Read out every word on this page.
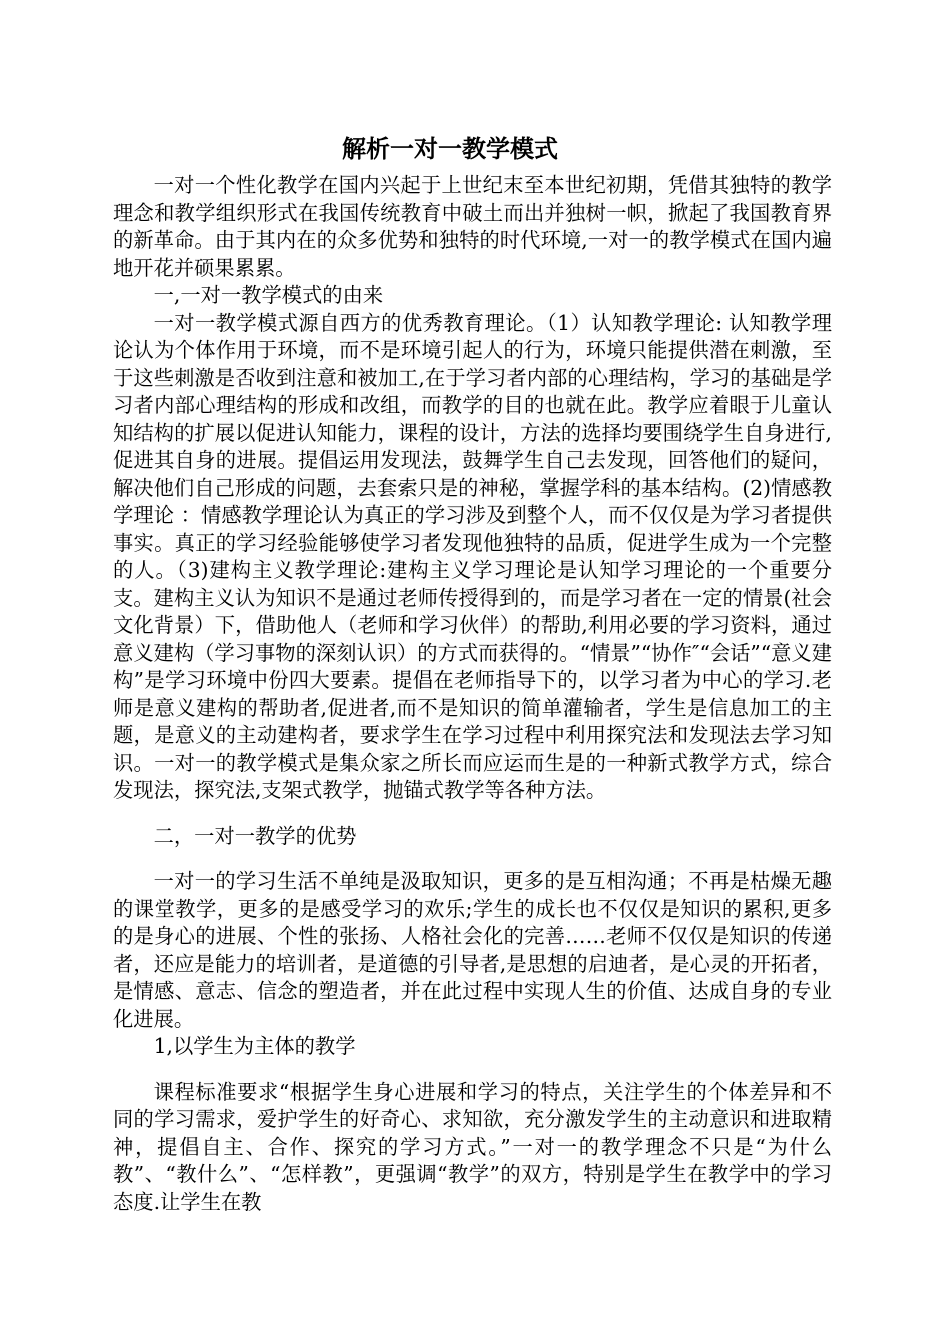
解析一对一教学模式

一对一个性化教学在国内兴起于上世纪末至本世纪初期，凭借其独特的教学理念和教学组织形式在我国传统教育中破土而出并独树一帜，掀起了我国教育界的新革命。由于其内在的众多优势和独特的时代环境,一对一的教学模式在国内遍地开花并硕果累累。

一,一对一教学模式的由来

一对一教学模式源自西方的优秀教育理论。（1）认知教学理论: 认知教学理论认为个体作用于环境，而不是环境引起人的行为，环境只能提供潜在刺激，至于这些刺激是否收到注意和被加工,在于学习者内部的心理结构，学习的基础是学习者内部心理结构的形成和改组，而教学的目的也就在此。教学应着眼于儿童认知结构的扩展以促进认知能力，课程的设计，方法的选择均要围绕学生自身进行,促进其自身的进展。提倡运用发现法，鼓舞学生自己去发现，回答他们的疑问，解决他们自己形成的问题，去套索只是的神秘，掌握学科的基本结构。(2)情感教学理论 ：情感教学理论认为真正的学习涉及到整个人，而不仅仅是为学习者提供事实。真正的学习经验能够使学习者发现他独特的品质，促进学生成为一个完整的人。（3)建构主义教学理论:建构主义学习理论是认知学习理论的一个重要分支。建构主义认为知识不是通过老师传授得到的，而是学习者在一定的情景(社会文化背景）下，借助他人（老师和学习伙伴）的帮助,利用必要的学习资料，通过意义建构（学习事物的深刻认识）的方式而获得的。“情景”“协作″“会话”“意义建构”是学习环境中份四大要素。提倡在老师指导下的，以学习者为中心的学习.老师是意义建构的帮助者,促进者,而不是知识的简单灌输者，学生是信息加工的主题，是意义的主动建构者，要求学生在学习过程中利用探究法和发现法去学习知识。一对一的教学模式是集众家之所长而应运而生是的一种新式教学方式，综合发现法，探究法,支架式教学，抛锚式教学等各种方法。

二，一对一教学的优势

一对一的学习生活不单纯是汲取知识，更多的是互相沟通；不再是枯燥无趣的课堂教学，更多的是感受学习的欢乐;学生的成长也不仅仅是知识的累积,更多的是身心的进展、个性的张扬、人格社会化的完善……老师不仅仅是知识的传递者，还应是能力的培训者，是道德的引导者,是思想的启迪者，是心灵的开拓者，是情感、意志、信念的塑造者，并在此过程中实现人生的价值、达成自身的专业化进展。

1,以学生为主体的教学

课程标准要求“根据学生身心进展和学习的特点，关注学生的个体差异和不同的学习需求，爱护学生的好奇心、求知欲，充分激发学生的主动意识和进取精神，提倡自主、合作、探究的学习方式。”一对一的教学理念不只是“为什么教”、“教什么”、“怎样教”，更强调“教学”的双方，特别是学生在教学中的学习态度.让学生在教
